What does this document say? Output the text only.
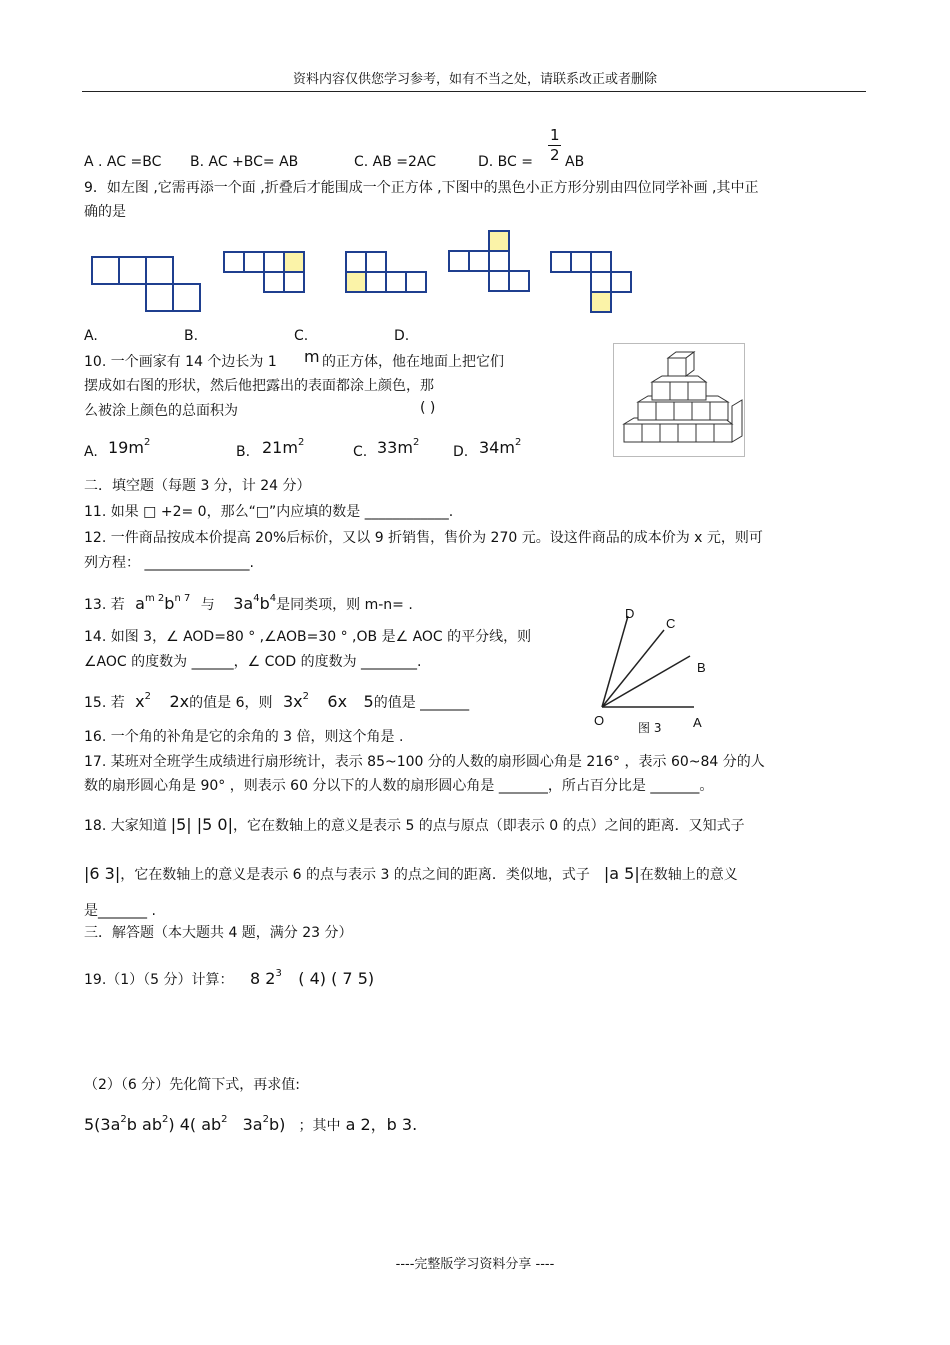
资料内容仅供您学习参考，如有不当之处，请联系改正或者删除
A . AC =BC B. AC +BC= AB	C. AB =2AC	D. BC =
1
2 AB
9．如左图 ,它需再添一个面 ,折叠后才能围成一个正方体 ,下图中的黑色小正方形分别由四位同学补画 ,其中正
确的是
A.	B.	C.	D.
10. 一个画家有 14 个边长为 1 m 的正方体，他在地面上把它们
摆成如右图的形状，然后他把露出的表面都涂上颜色，那
么被涂上颜色的总面积为	( )
A. $19m^2$
B. $21m^2$
C. $33m^2$
D. $34m^2$
二．填空题（每题 3 分，计 24 分）
11. 如果 □ +2= 0，那么“□”内应填的数是 ____________.
12. 一件商品按成本价提高 20%后标价，又以 9 折销售，售价为 270 元。设这件商品的成本价为 x 元，则可
列方程： _______________.
13. 若 $a^{m 2}b^{n 7}$ 与 $3a^4b^4$是同类项，则 m-n= .
14. 如图 3，∠ AOD=80 ° ,∠AOB=30 ° ,OB 是∠ AOC 的平分线，则
∠AOC 的度数为 ______，∠ COD 的度数为 ________.
D
C
B
O	A
图 3
15. 若 $x^2$ 2x的值是 6，则 $3x^2$ 6x 5的值是 _______
16. 一个角的补角是它的余角的 3 倍，则这个角是 .
17. 某班对全班学生成绩进行扇形统计，表示 85~100 分的人数的扇形圆心角是 216° ，表示 60~84 分的人
数的扇形圆心角是 90° ，则表示 60 分以下的人数的扇形圆心角是 _______，所占百分比是 _______。
18. 大家知道 |5| |5 0|，它在数轴上的意义是表示 5 的点与原点（即表示 0 的点）之间的距离．又知式子
|6 3|，它在数轴上的意义是表示 6 的点与表示 3 的点之间的距离．类似地，式子 |a 5|在数轴上的意义
是_______ .
三．解答题（本大题共 4 题，满分 23 分）
19.（1）（5 分）计算： 8 $2^3$ ( 4) ( 7 5)
（2）（6 分）先化简下式，再求值:
$5(3a^2b$ $ab^2$) 4( $ab^2$ $3a^2b$) ；其中 a 2，b 3.
----完整版学习资料分享 ----
